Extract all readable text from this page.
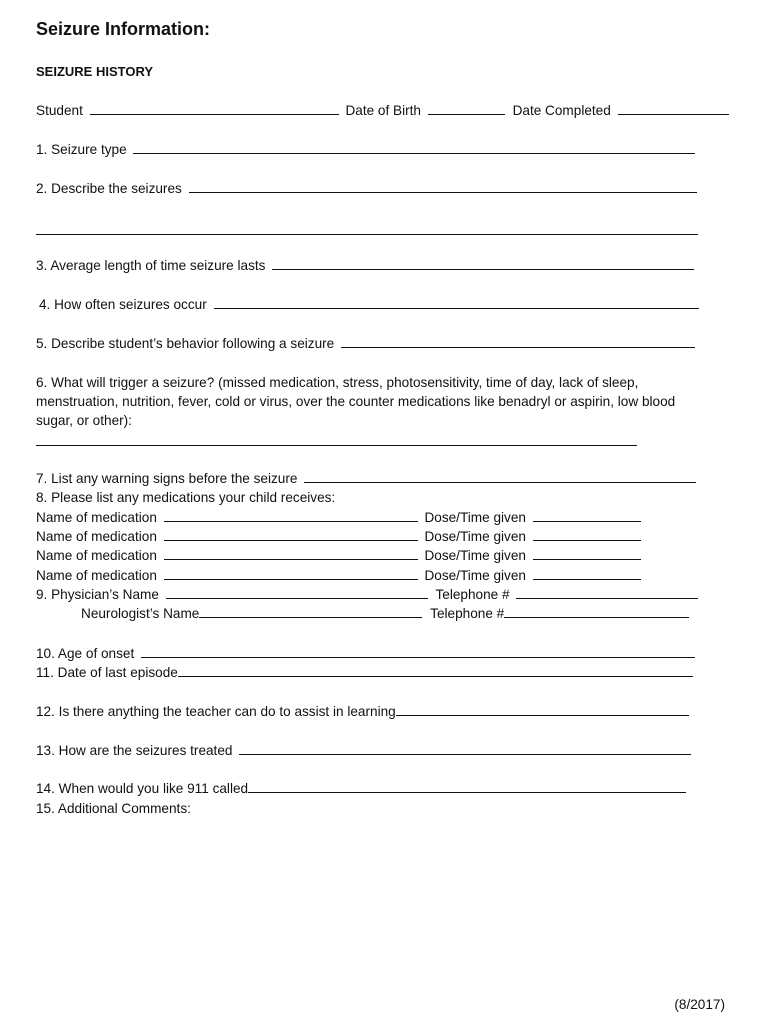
Seizure Information:
SEIZURE HISTORY
Student	Date of Birth	Date Completed
1. Seizure type
2. Describe the seizures
3. Average length of time seizure lasts
4. How often seizures occur
5. Describe student’s behavior following a seizure
6. What will trigger a seizure? (missed medication, stress, photosensitivity, time of day, lack of sleep,
menstruation, nutrition, fever, cold or virus, over the counter medications like benadryl or aspirin, low blood
sugar, or other):
7. List any warning signs before the seizure
8. Please list any medications your child receives:
Name of medication	Dose/Time given
Name of medication	Dose/Time given
Name of medication	Dose/Time given
Name of medication	Dose/Time given
9. Physician’s Name	Telephone #
Neurologist’s Name	Telephone #
10. Age of onset
11. Date of last episode
12. Is there anything the teacher can do to assist in learning
13. How are the seizures treated
14. When would you like 911 called
15. Additional Comments:
(8/2017)
